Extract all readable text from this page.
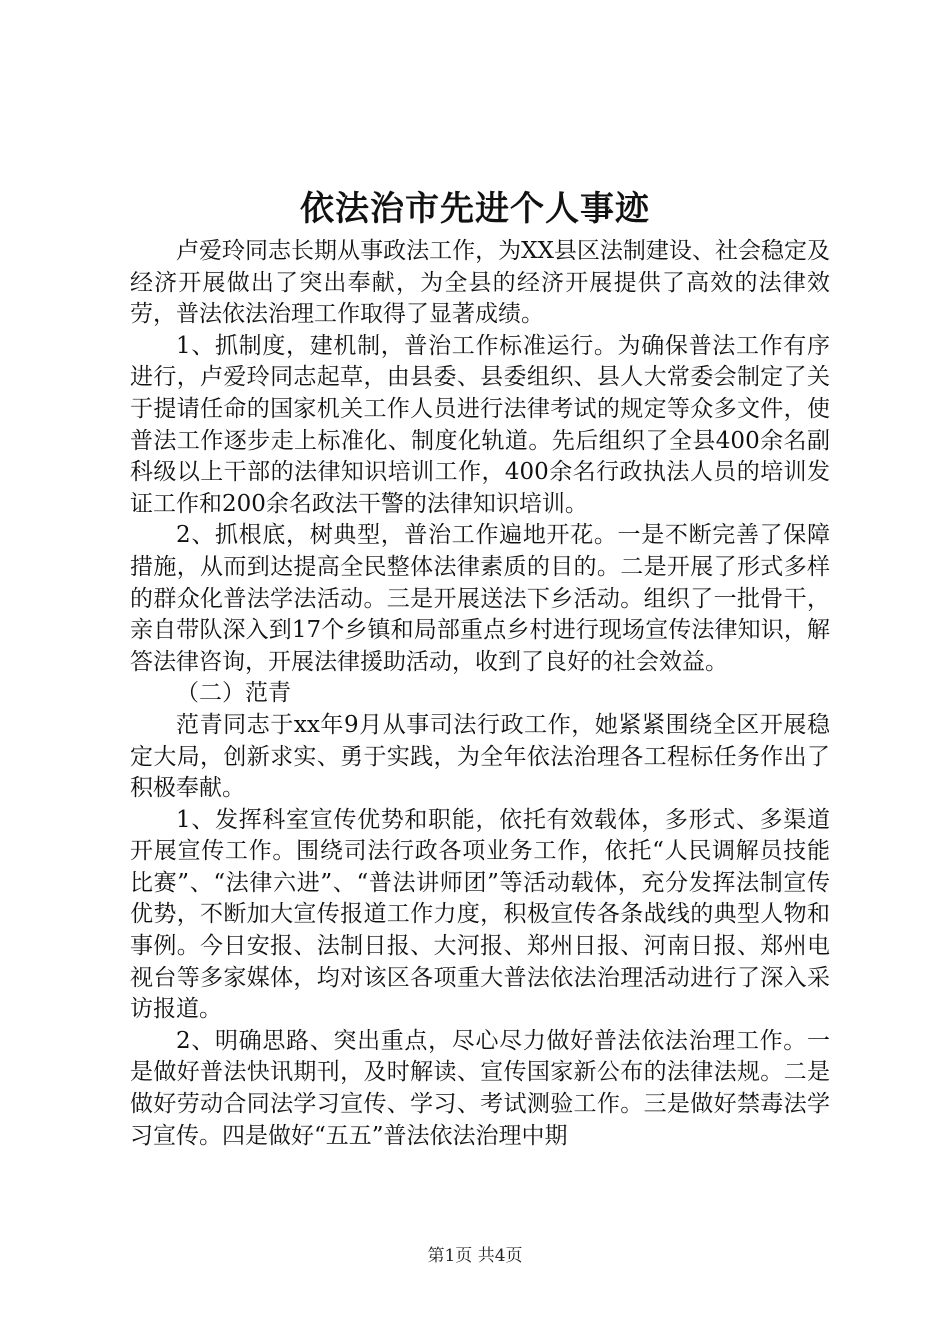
依法治市先进个人事迹

卢爱玲同志长期从事政法工作，为XX县区法制建设、社会稳定及经济开展做出了突出奉献，为全县的经济开展提供了高效的法律效劳，普法依法治理工作取得了显著成绩。

1、抓制度，建机制，普治工作标准运行。为确保普法工作有序进行，卢爱玲同志起草，由县委、县委组织、县人大常委会制定了关于提请任命的国家机关工作人员进行法律考试的规定等众多文件，使普法工作逐步走上标准化、制度化轨道。先后组织了全县400余名副科级以上干部的法律知识培训工作，400余名行政执法人员的培训发证工作和200余名政法干警的法律知识培训。

2、抓根底，树典型，普治工作遍地开花。一是不断完善了保障措施，从而到达提高全民整体法律素质的目的。二是开展了形式多样的群众化普法学法活动。三是开展送法下乡活动。组织了一批骨干，亲自带队深入到17个乡镇和局部重点乡村进行现场宣传法律知识，解答法律咨询，开展法律援助活动，收到了良好的社会效益。

（二）范青

范青同志于xx年9月从事司法行政工作，她紧紧围绕全区开展稳定大局，创新求实、勇于实践，为全年依法治理各工程标任务作出了积极奉献。

1、发挥科室宣传优势和职能，依托有效载体，多形式、多渠道开展宣传工作。围绕司法行政各项业务工作，依托“人民调解员技能比赛”、“法律六进”、“普法讲师团”等活动载体，充分发挥法制宣传优势，不断加大宣传报道工作力度，积极宣传各条战线的典型人物和事例。今日安报、法制日报、大河报、郑州日报、河南日报、郑州电视台等多家媒体，均对该区各项重大普法依法治理活动进行了深入采访报道。

2、明确思路、突出重点，尽心尽力做好普法依法治理工作。一是做好普法快讯期刊，及时解读、宣传国家新公布的法律法规。二是做好劳动合同法学习宣传、学习、考试测验工作。三是做好禁毒法学习宣传。四是做好“五五”普法依法治理中期

第1页 共4页
